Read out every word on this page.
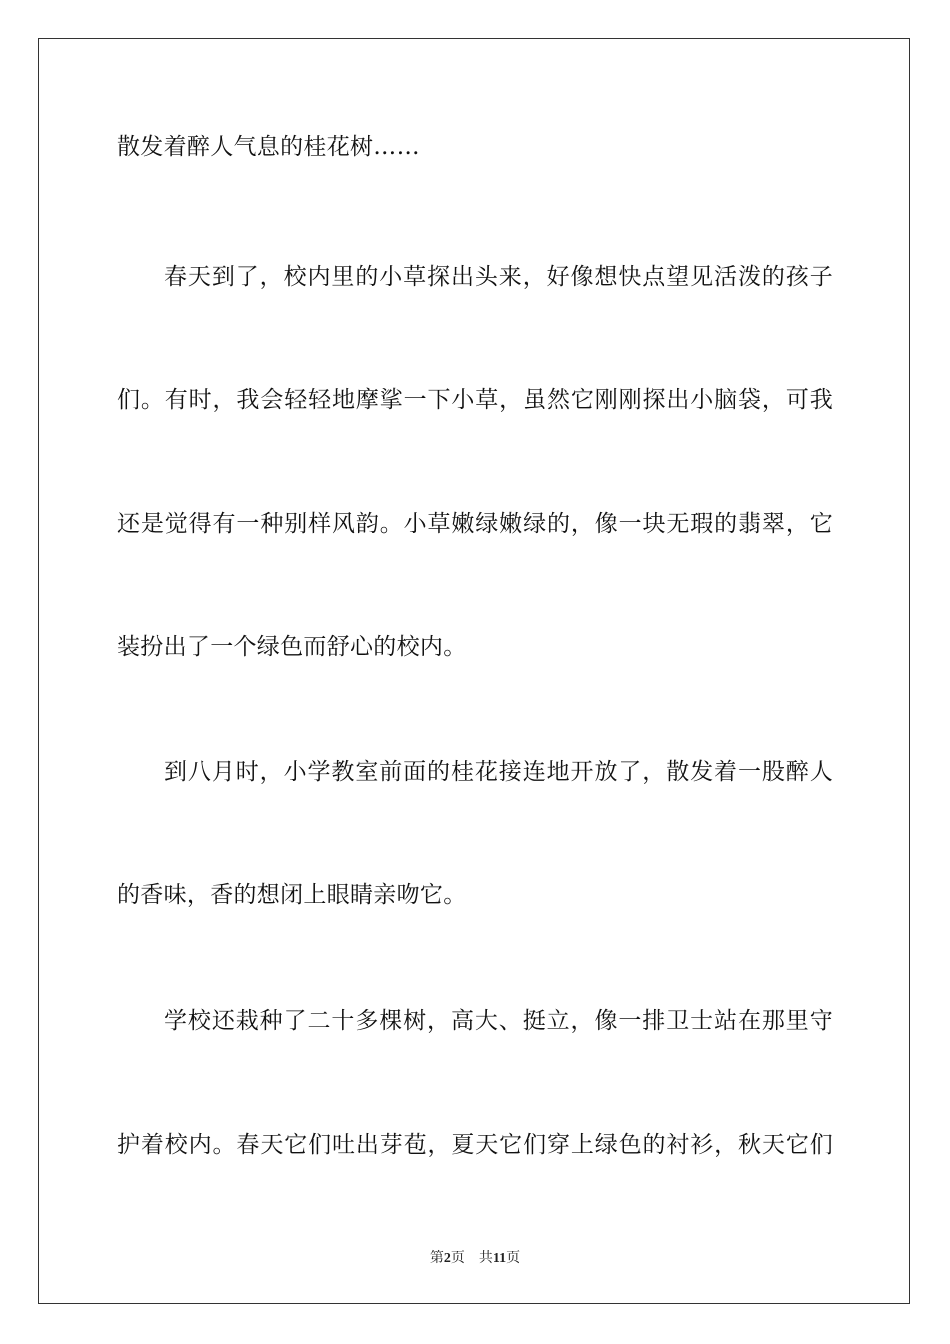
散发着醉人气息的桂花树……
春天到了，校内里的小草探出头来，好像想快点望见活泼的孩子
们。有时，我会轻轻地摩挲一下小草，虽然它刚刚探出小脑袋，可我
还是觉得有一种别样风韵。小草嫩绿嫩绿的，像一块无瑕的翡翠，它
装扮出了一个绿色而舒心的校内。
到八月时，小学教室前面的桂花接连地开放了，散发着一股醉人
的香味，香的想闭上眼睛亲吻它。
学校还栽种了二十多棵树，高大、挺立，像一排卫士站在那里守
护着校内。春天它们吐出芽苞，夏天它们穿上绿色的衬衫，秋天它们
第2页 共11页
